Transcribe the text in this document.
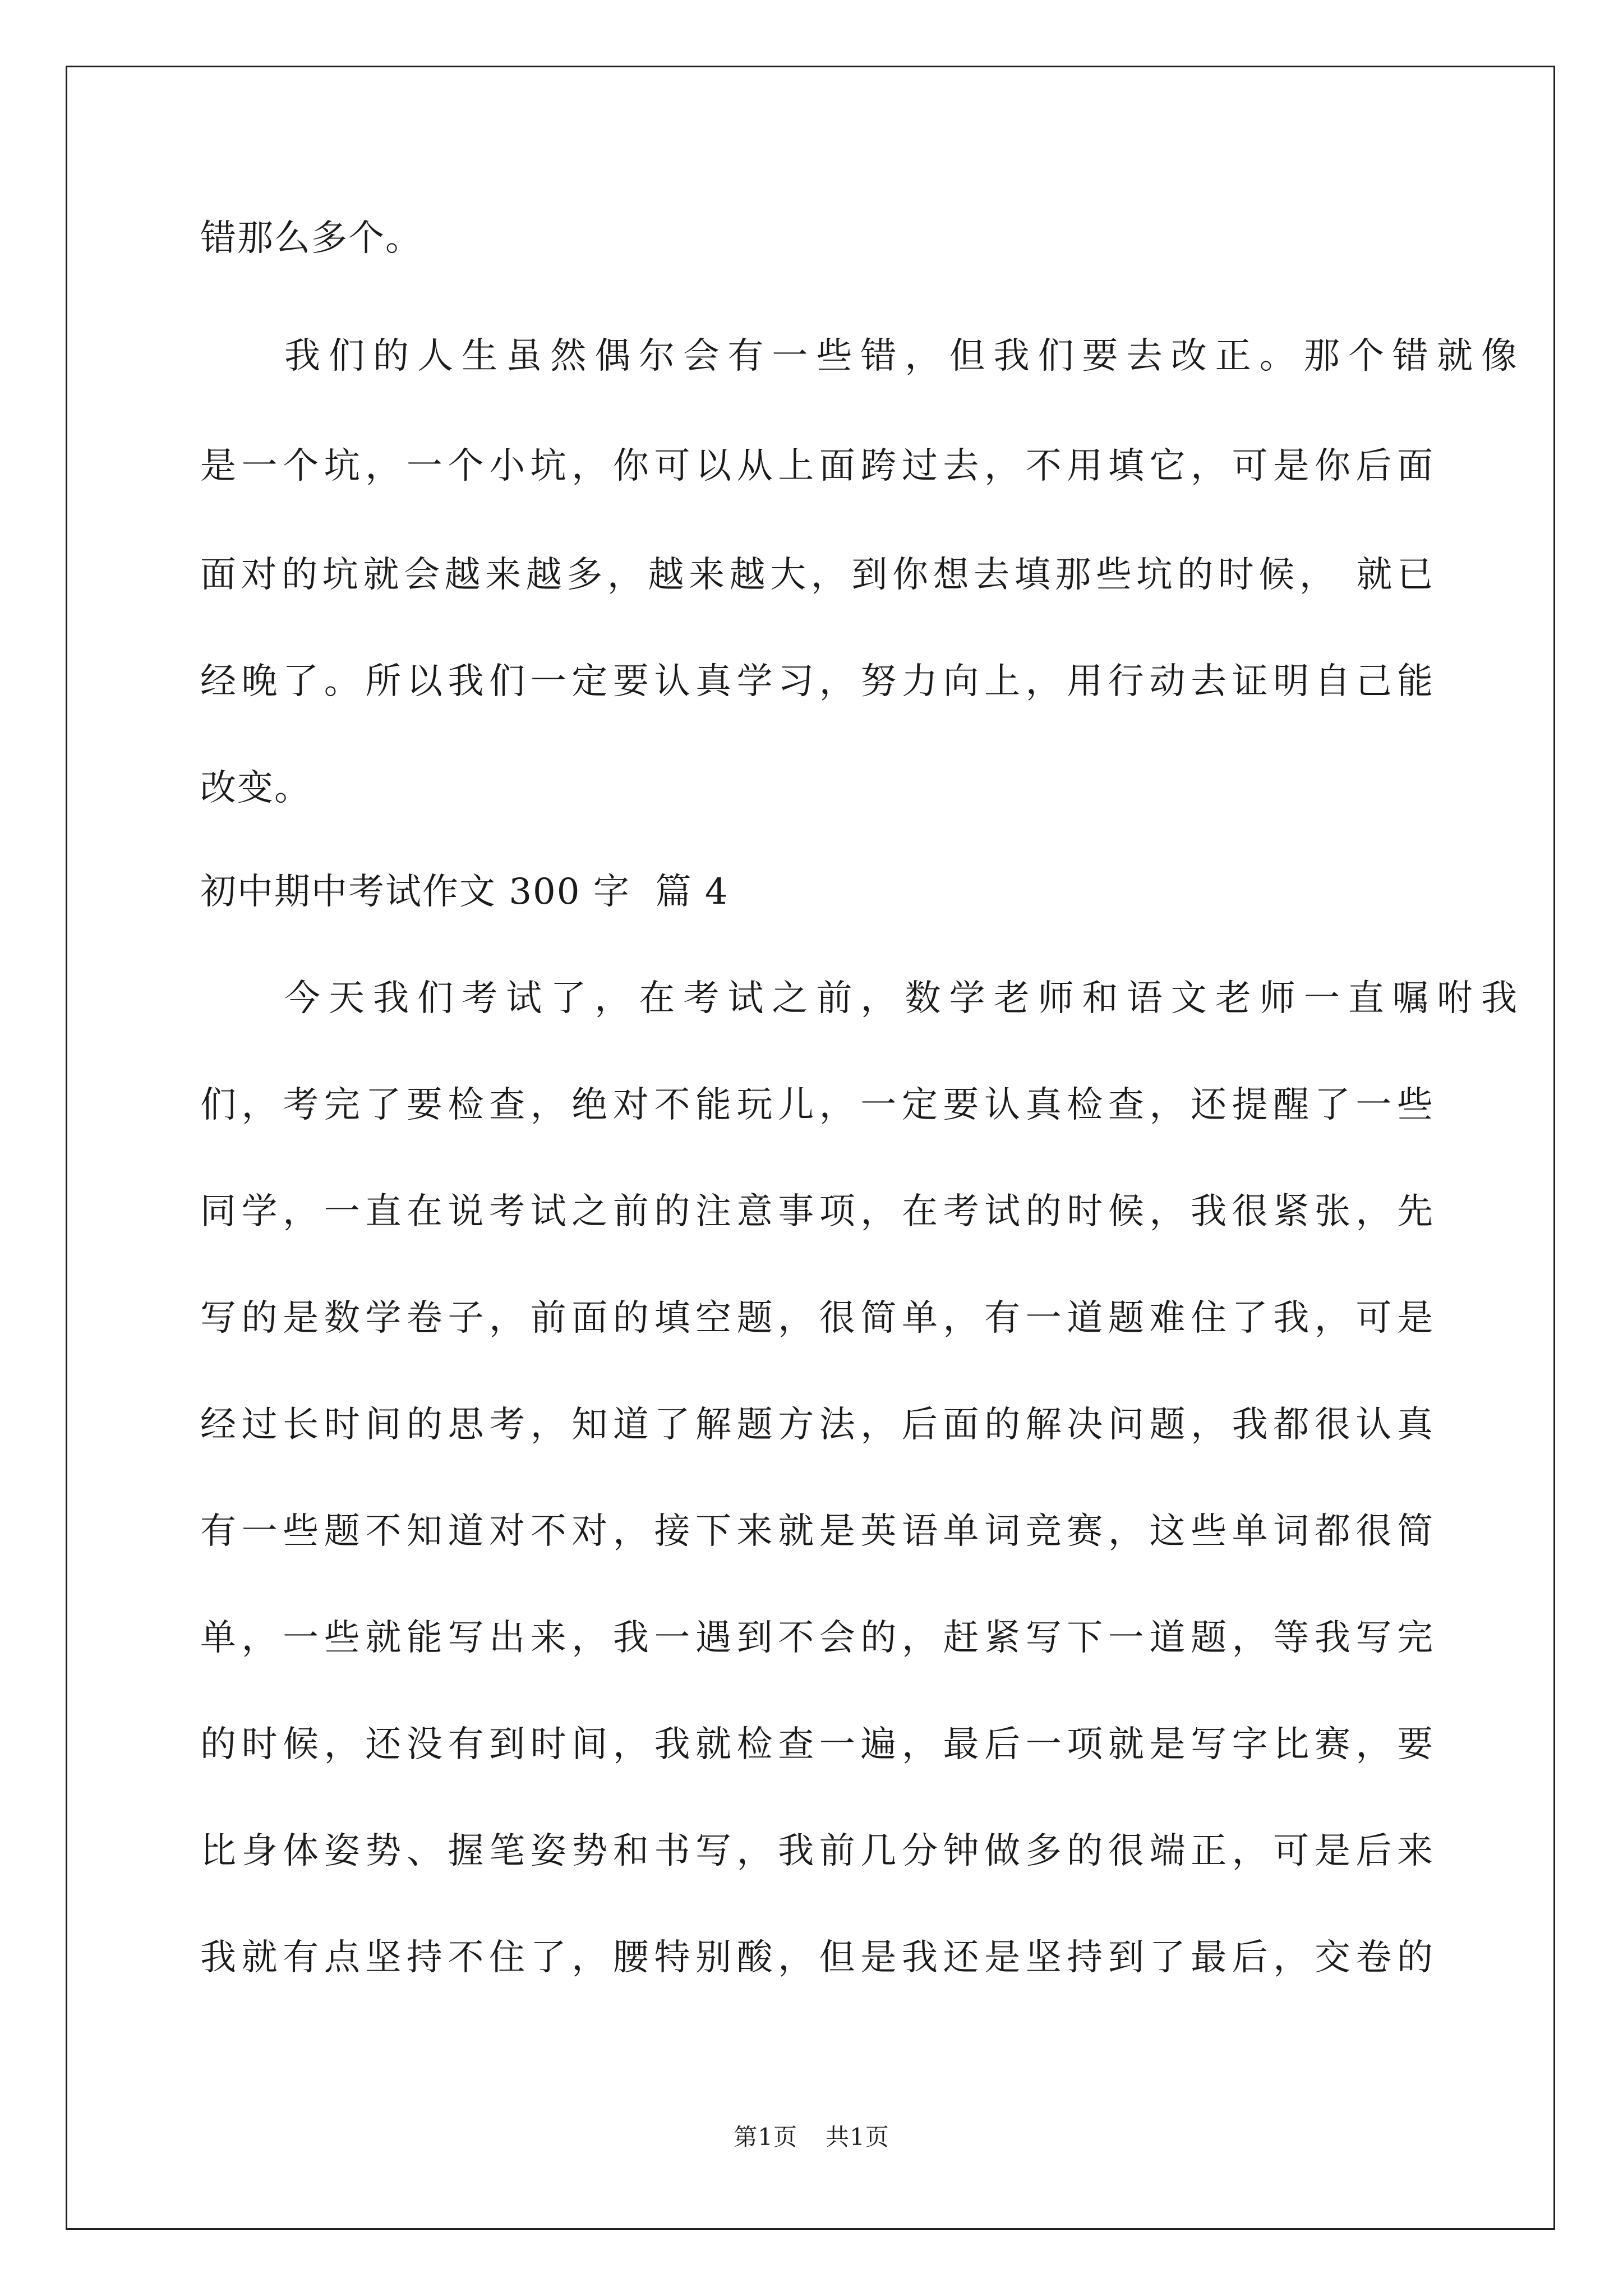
错那么多个。
我们的人生虽然偶尔会有一些错，但我们要去改正。那个错就像
是一个坑，一个小坑，你可以从上面跨过去，不用填它，可是你后面
面对的坑就会越来越多，越来越大，到你想去填那些坑的时候， 就已
经晚了。所以我们一定要认真学习，努力向上，用行动去证明自己能
改变。
初中期中考试作文 300 字  篇 4
今天我们考试了，在考试之前，数学老师和语文老师一直嘱咐我
们，考完了要检查，绝对不能玩儿，一定要认真检查，还提醒了一些
同学，一直在说考试之前的注意事项，在考试的时候，我很紧张，先
写的是数学卷子，前面的填空题，很简单，有一道题难住了我，可是
经过长时间的思考，知道了解题方法，后面的解决问题，我都很认真
有一些题不知道对不对，接下来就是英语单词竞赛，这些单词都很简
单，一些就能写出来，我一遇到不会的，赶紧写下一道题，等我写完
的时候，还没有到时间，我就检查一遍，最后一项就是写字比赛，要
比身体姿势、握笔姿势和书写，我前几分钟做多的很端正，可是后来
我就有点坚持不住了，腰特别酸，但是我还是坚持到了最后，交卷的
第1页 共1页
